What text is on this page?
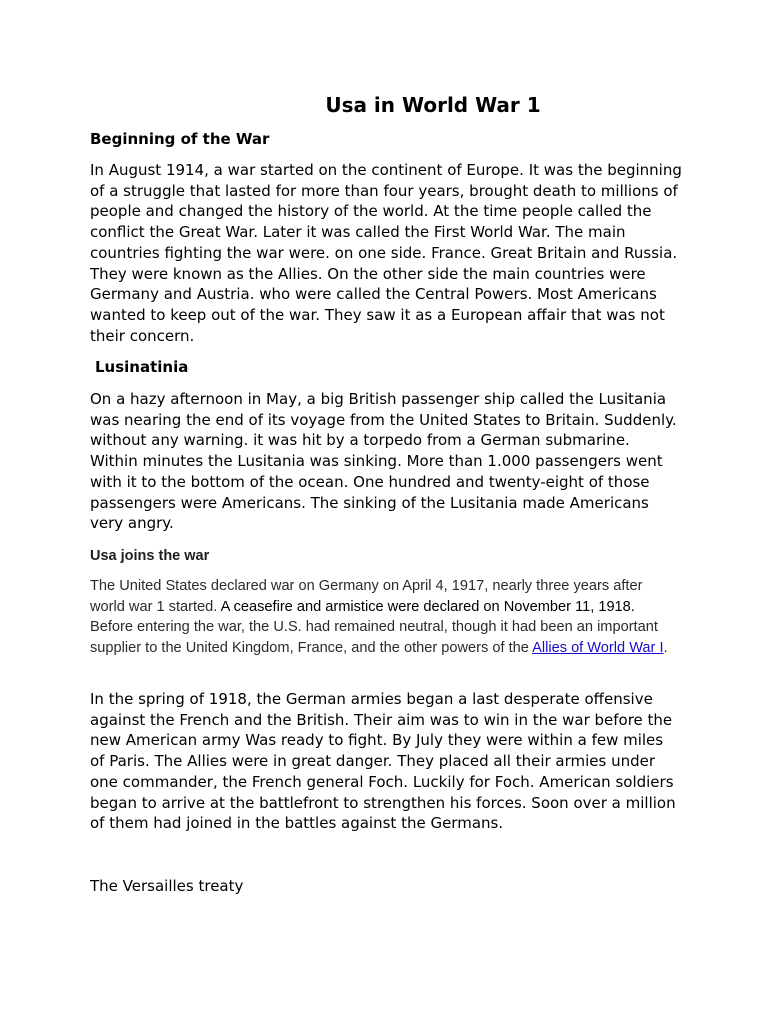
Usa in World War 1
Beginning of the War

In August 1914, a war started on the continent of Europe. It was the beginning of a struggle that lasted for more than four years, brought death to millions of people and changed the history of the world. At the time people called the conflict the Great War. Later it was called the First World War. The main countries fighting the war were. on one side. France. Great Britain and Russia. They were known as the Allies. On the other side the main countries were Germany and Austria. who were called the Central Powers. Most Americans wanted to keep out of the war. They saw it as a European affair that was not their concern.

Lusinatinia

On a hazy afternoon in May, a big British passenger ship called the Lusitania was nearing the end of its voyage from the United States to Britain. Suddenly. without any warning. it was hit by a torpedo from a German submarine. Within minutes the Lusitania was sinking. More than 1.000 passengers went with it to the bottom of the ocean. One hundred and twenty-eight of those passengers were Americans. The sinking of the Lusitania made Americans very angry.

Usa joins the war

The United States declared war on Germany on April 4, 1917, nearly three years after world war 1 started. A ceasefire and armistice were declared on November 11, 1918. Before entering the war, the U.S. had remained neutral, though it had been an important supplier to the United Kingdom, France, and the other powers of the Allies of World War I.

In the spring of 1918, the German armies began a last desperate offensive against the French and the British. Their aim was to win in the war before the new American army Was ready to fight. By July they were within a few miles of Paris. The Allies were in great danger. They placed all their armies under one commander, the French general Foch. Luckily for Foch. American soldiers began to arrive at the battlefront to strengthen his forces. Soon over a million of them had joined in the battles against the Germans.

The Versailles treaty
